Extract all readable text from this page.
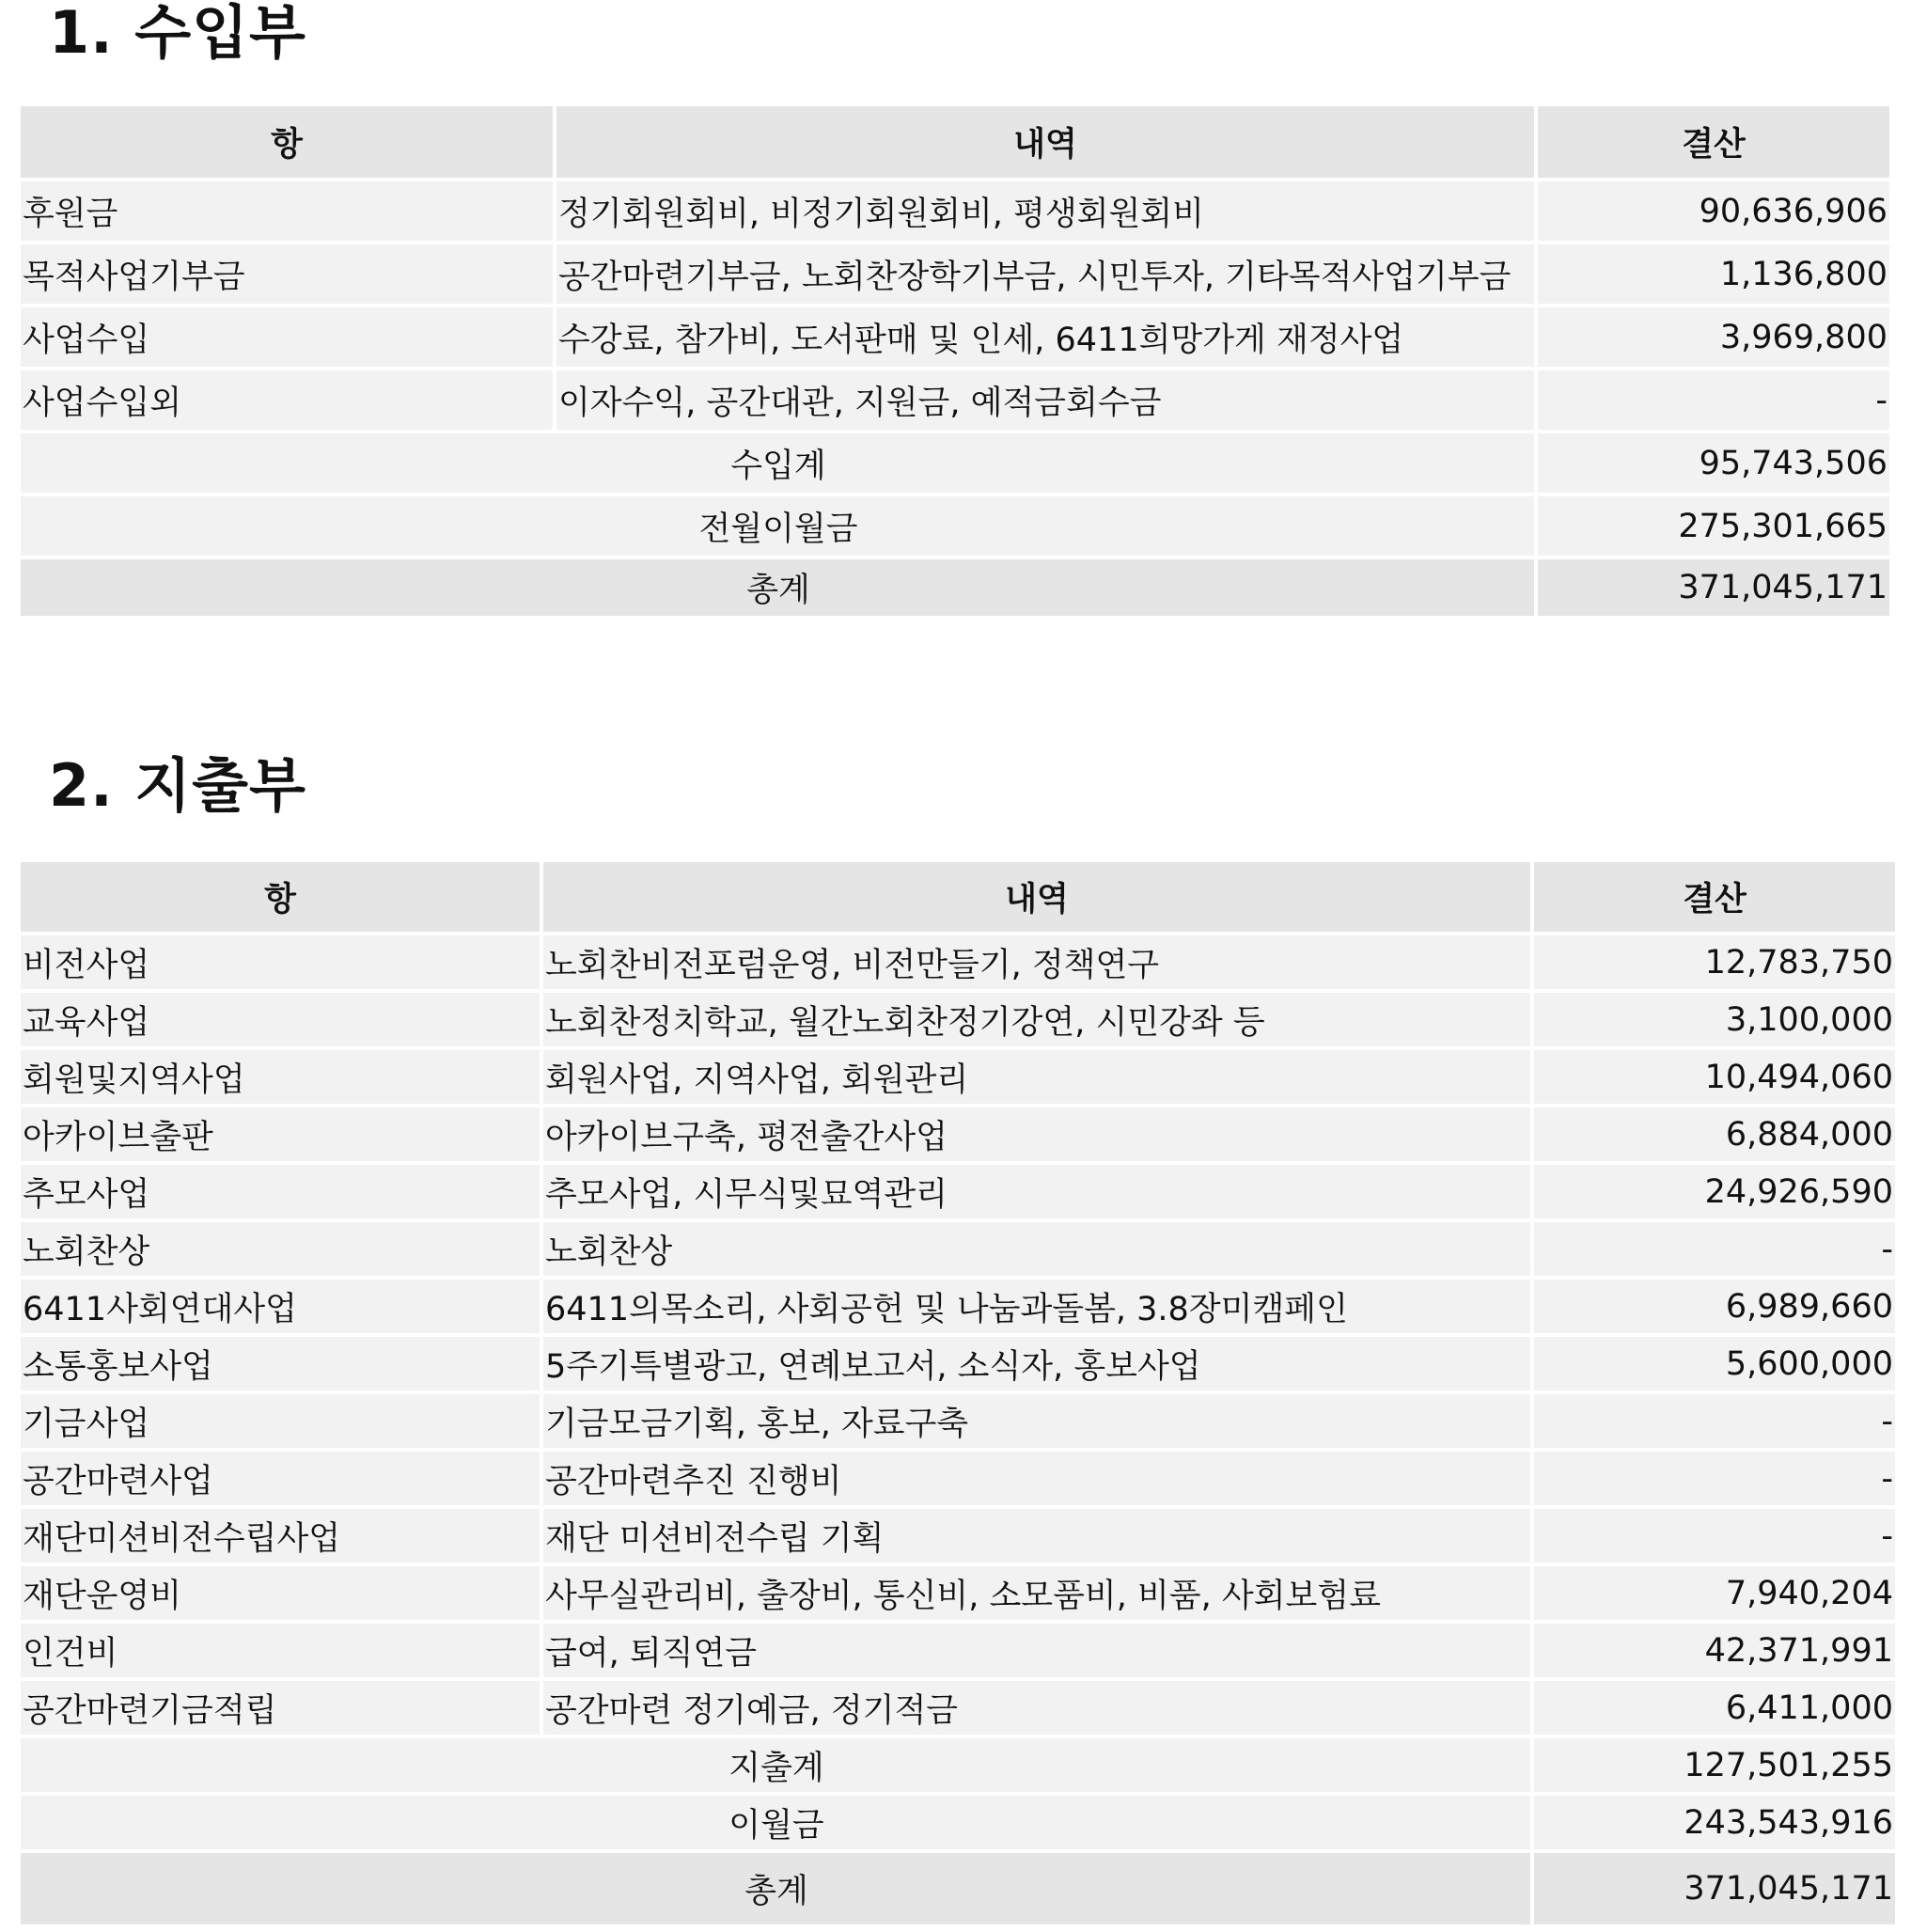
1. 수입부
항	내역	결산
후원금	정기회원회비, 비정기회원회비, 평생회원회비	90,636,906
목적사업기부금	공간마련기부금, 노회찬장학기부금, 시민투자, 기타목적사업기부금	1,136,800
사업수입	수강료, 참가비, 도서판매 및 인세, 6411희망가게 재정사업	3,969,800
사업수입외	이자수익, 공간대관, 지원금, 예적금회수금	-
수입계		95,743,506
전월이월금		275,301,665
총계		371,045,171
2. 지출부
항	내역	결산
비전사업	노회찬비전포럼운영, 비전만들기, 정책연구	12,783,750
교육사업	노회찬정치학교, 월간노회찬정기강연, 시민강좌 등	3,100,000
회원및지역사업	회원사업, 지역사업, 회원관리	10,494,060
아카이브출판	아카이브구축, 평전출간사업	6,884,000
추모사업	추모사업, 시무식및묘역관리	24,926,590
노회찬상	노회찬상	-
6411사회연대사업	6411의목소리, 사회공헌 및 나눔과돌봄, 3.8장미캠페인	6,989,660
소통홍보사업	5주기특별광고, 연례보고서, 소식자, 홍보사업	5,600,000
기금사업	기금모금기획, 홍보, 자료구축	-
공간마련사업	공간마련추진 진행비	-
재단미션비전수립사업	재단 미션비전수립 기획	-
재단운영비	사무실관리비, 출장비, 통신비, 소모품비, 비품, 사회보험료	7,940,204
인건비	급여, 퇴직연금	42,371,991
공간마련기금적립	공간마련 정기예금, 정기적금	6,411,000
지출계		127,501,255
이월금		243,543,916
총계		371,045,171
